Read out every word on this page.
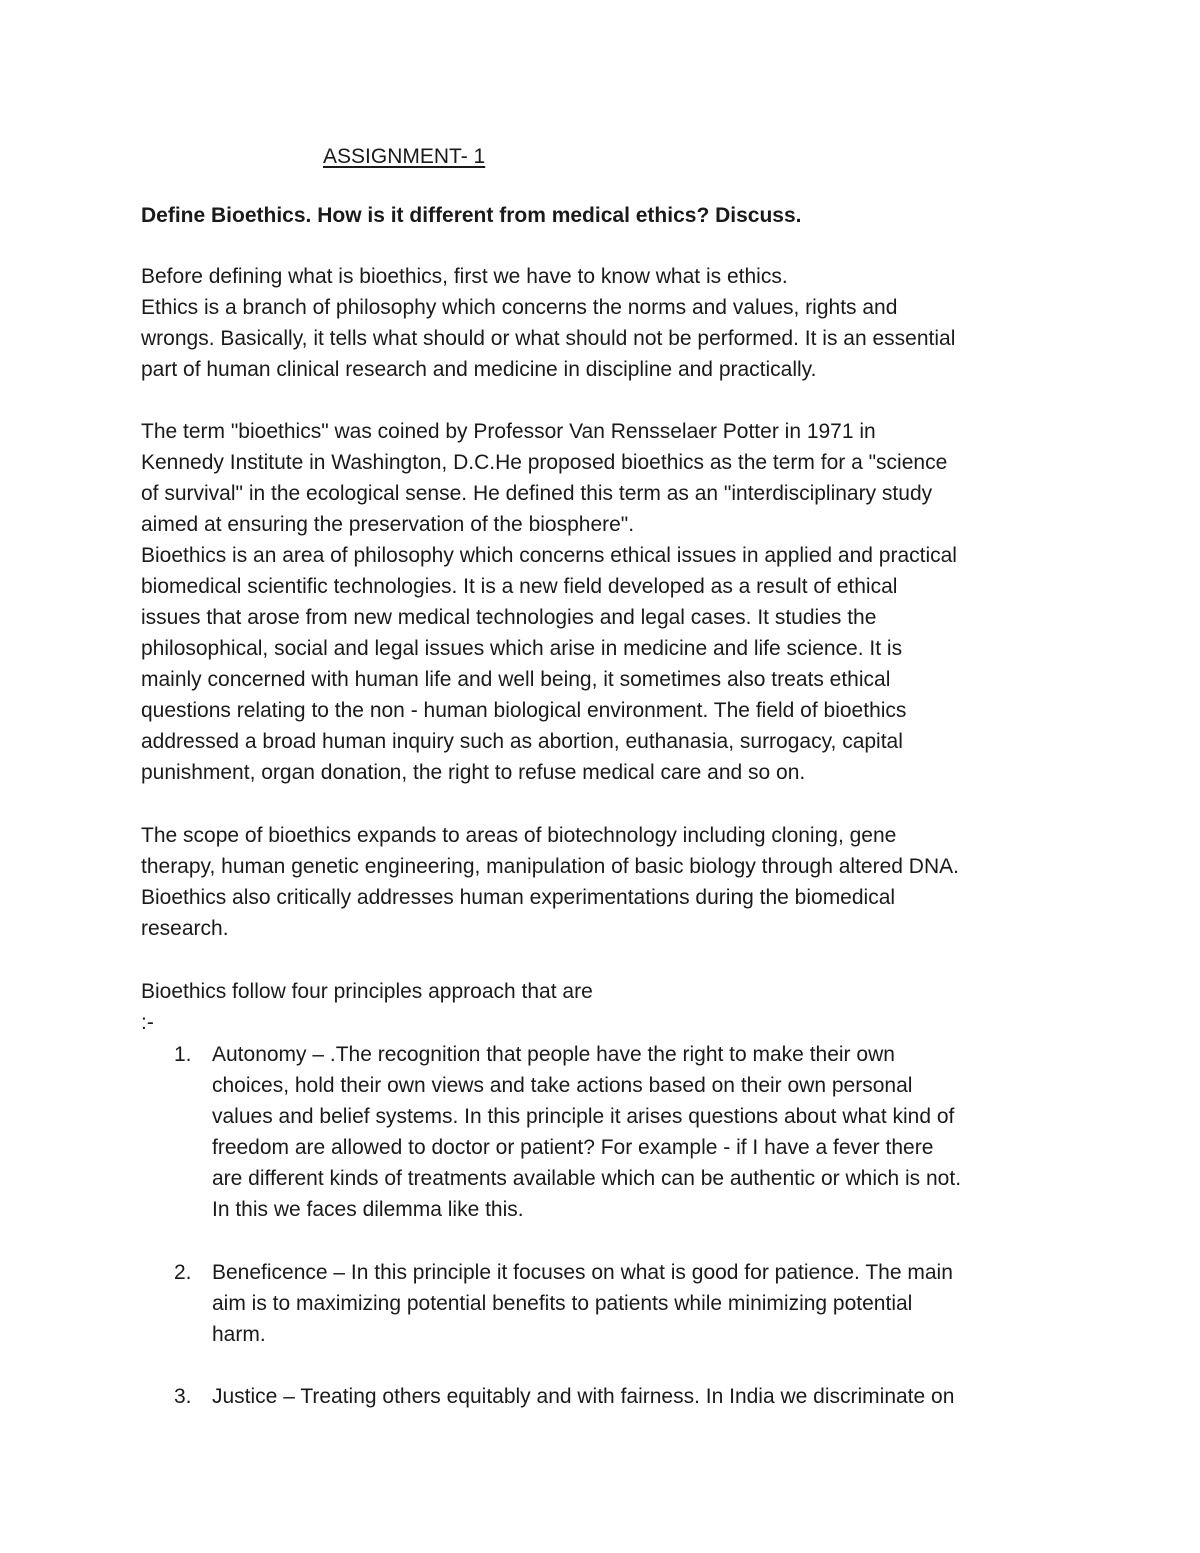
ASSIGNMENT- 1
Define Bioethics. How is it different from medical ethics? Discuss.
Before defining what is bioethics, first we have to know what is ethics.
Ethics is a branch of philosophy which concerns the norms and values, rights and
wrongs. Basically, it tells what should or what should not be performed. It is an essential
part of human clinical research and medicine in discipline and practically.
The term "bioethics" was coined by Professor Van Rensselaer Potter in 1971 in
Kennedy Institute in Washington, D.C.He proposed bioethics as the term for a "science
of survival" in the ecological sense. He defined this term as an "interdisciplinary study
aimed at ensuring the preservation of the biosphere".
Bioethics is an area of philosophy which concerns ethical issues in applied and practical
biomedical scientific technologies. It is a new field developed as a result of ethical
issues that arose from new medical technologies and legal cases. It studies the
philosophical, social and legal issues which arise in medicine and life science. It is
mainly concerned with human life and well being, it sometimes also treats ethical
questions relating to the non - human biological environment. The field of bioethics
addressed a broad human inquiry such as abortion, euthanasia, surrogacy, capital
punishment, organ donation, the right to refuse medical care and so on.
The scope of bioethics expands to areas of biotechnology including cloning, gene
therapy, human genetic engineering, manipulation of basic biology through altered DNA.
Bioethics also critically addresses human experimentations during the biomedical
research.
Bioethics follow four principles approach that are
:-
1. Autonomy – .The recognition that people have the right to make their own
choices, hold their own views and take actions based on their own personal
values and belief systems. In this principle it arises questions about what kind of
freedom are allowed to doctor or patient? For example - if I have a fever there
are different kinds of treatments available which can be authentic or which is not.
In this we faces dilemma like this.
2. Beneficence – In this principle it focuses on what is good for patience. The main
aim is to maximizing potential benefits to patients while minimizing potential
harm.
3. Justice – Treating others equitably and with fairness. In India we discriminate on
